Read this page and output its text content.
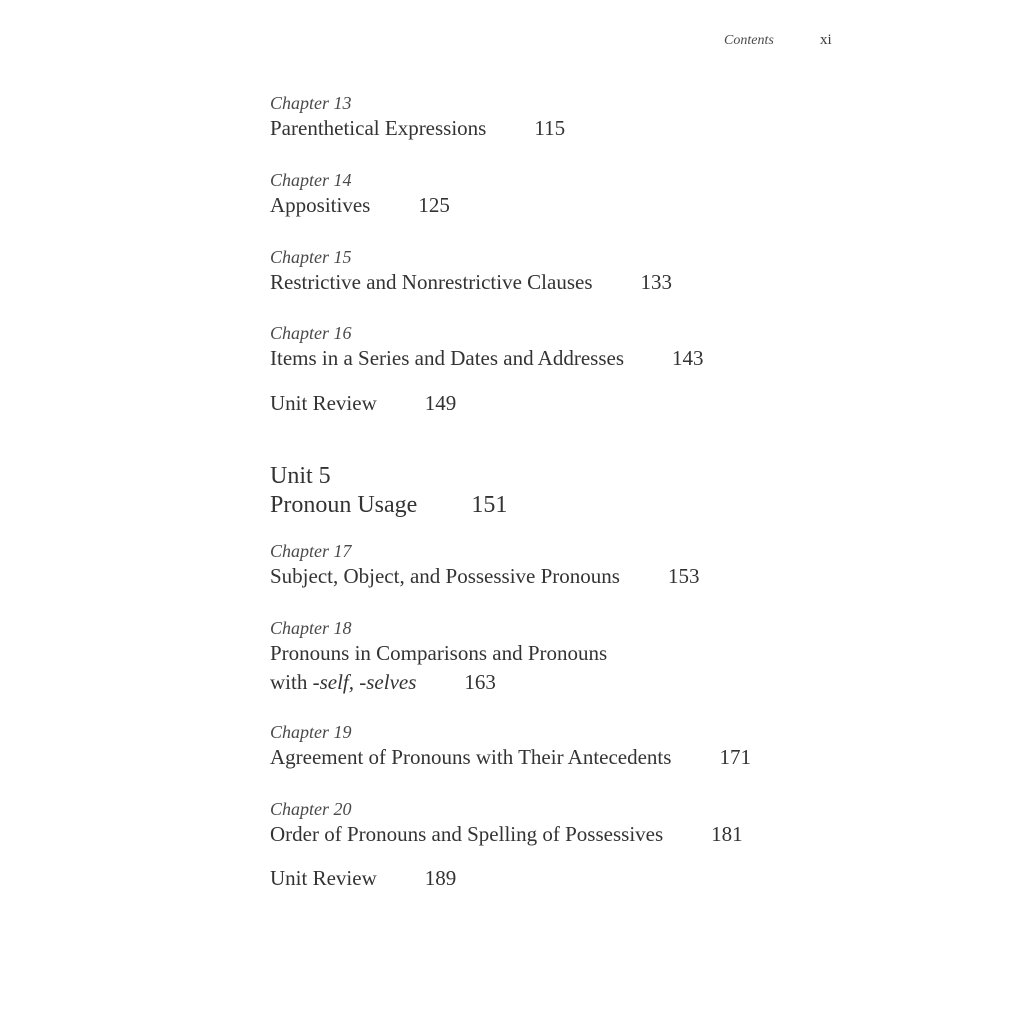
Contents	xi
Chapter 13
Parenthetical Expressions 115
Chapter 14
Appositives 125
Chapter 15
Restrictive and Nonrestrictive Clauses 133
Chapter 16
Items in a Series and Dates and Addresses 143
Unit Review 149
Unit 5
Pronoun Usage 151
Chapter 17
Subject, Object, and Possessive Pronouns 153
Chapter 18
Pronouns in Comparisons and Pronouns
with -self, -selves 163
Chapter 19
Agreement of Pronouns with Their Antecedents 171
Chapter 20
Order of Pronouns and Spelling of Possessives 181
Unit Review 189
